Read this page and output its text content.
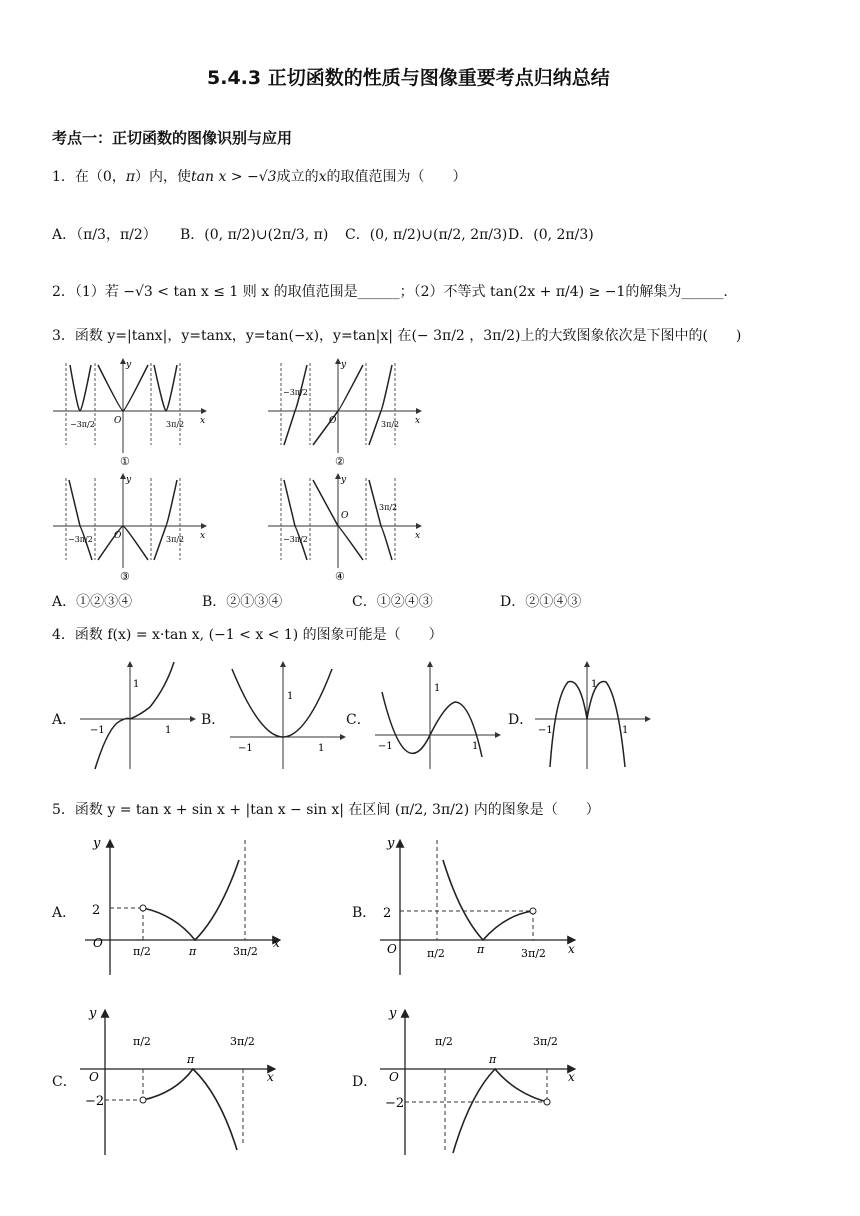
5.4.3 正切函数的性质与图像重要考点归纳总结
考点一：正切函数的图像识别与应用
1．在（0，π）内，使tan x > −√3成立的x的取值范围为（　　）
A．（π/3，π/2） B．(0, π/2)∪(2π/3, π) C．(0, π/2)∪(π/2, 2π/3) D．(0, 2π/3)
2．（1）若 −√3 < tan x ≤ 1 则 x 的取值范围是______；（2）不等式 tan(2x + π/4) ≥ −1的解集为______.
3．函数 y=|tanx|，y=tanx，y=tan(−x)，y=tan|x| 在(− 3π/2 ，3π/2)上的大致图象依次是下图中的(　　)
y
x
O
−3π/2	3π/2
①
y
x
O
−3π/2
3π/2
②
y
x
O
−3π/2	3π/2
③
y
x
O
−3π/2
3π/2
④
A．①②③④	B．②①③④	C．①②④③	D．②①④③
4．函数 f(x) = x·tan x, (−1 < x < 1) 的图象可能是（　　）
A．	B．	C．	D．
1
−1	1
1
−1	1
1
−1	1
1
−1	1
5．函数 y = tan x + sin x + |tan x − sin x| 在区间 (π/2, 3π/2) 内的图象是（　　）
A．	B．
C．	D．
y
x
O
2
π/2	π	3π/2
y
x
O
2
π/2	π	3π/2
y
x
O
−2
π/2
π
3π/2
y
x
O
−2
π/2
π
3π/2
